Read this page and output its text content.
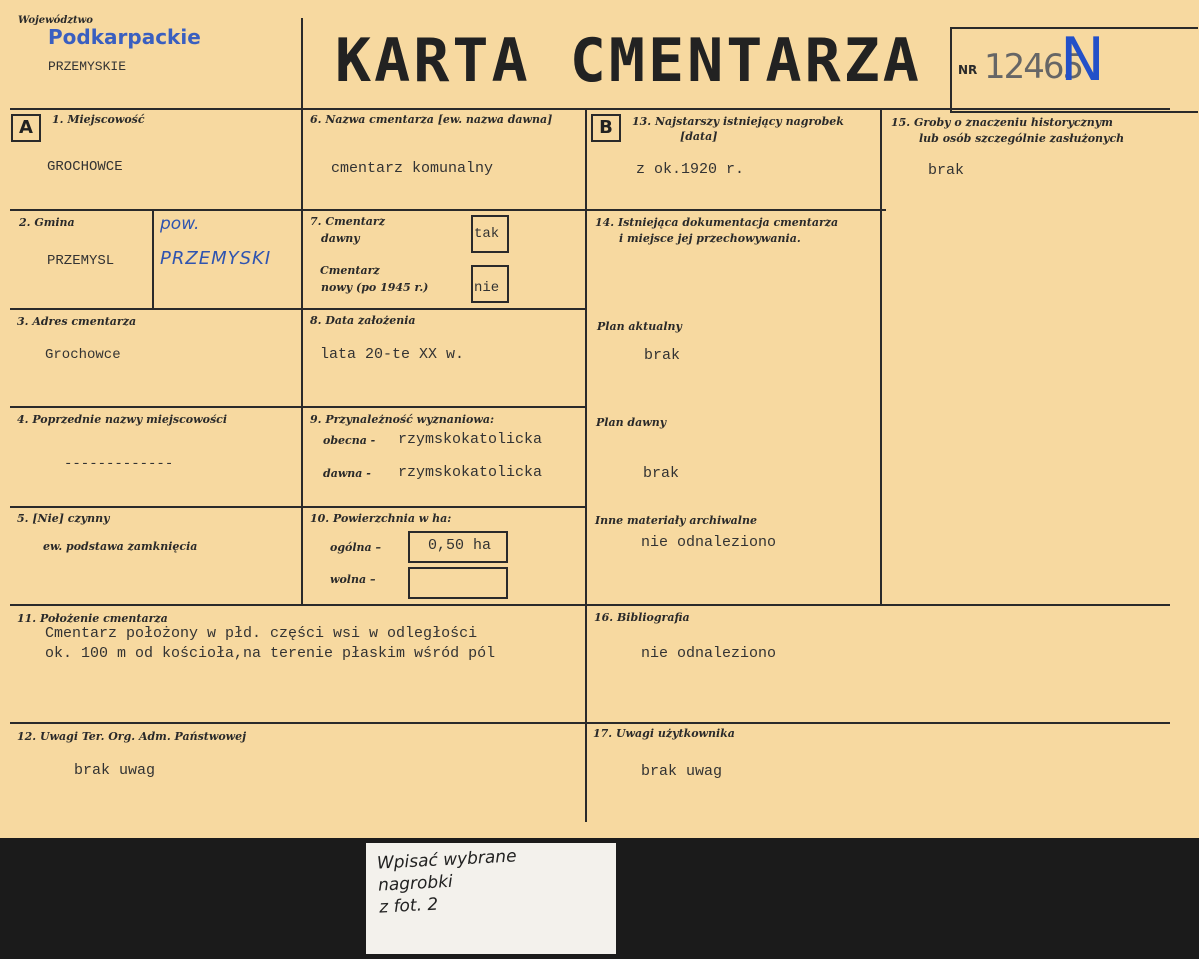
Województwo
Podkarpackie
PRZEMYSKIE	KARTA CMENTARZA	NR 12465
N
A	B
1. Miejscowość
GROCHOWCE
2. Gmina
PRZEMYSL
pow.
PRZEMYSKI
3. Adres cmentarza
Grochowce
4. Poprzednie nazwy miejscowości
-------------
5. [Nie] czynny
ew. podstawa zamknięcia
6. Nazwa cmentarza [ew. nazwa dawna]
cmentarz komunalny
7. Cmentarz
dawny	tak
Cmentarz
nowy (po 1945 r.)	nie
8. Data założenia
lata 20-te XX w.
9. Przynależność wyznaniowa:
obecna - rzymskokatolicka
dawna - rzymskokatolicka
10. Powierzchnia w ha:
ogólna –	0,50 ha
wolna –
11. Położenie cmentarza
Cmentarz położony w płd. części wsi w odległości
ok. 100 m od kościoła,na terenie płaskim wśród pól
12. Uwagi Ter. Org. Adm. Państwowej
brak uwag
13. Najstarszy istniejący nagrobek
[data]
z ok.1920 r.
14. Istniejąca dokumentacja cmentarza
i miejsce jej przechowywania.
Plan aktualny
brak
Plan dawny
brak
Inne materiały archiwalne
nie odnaleziono
16. Bibliografia
nie odnaleziono
17. Uwagi użytkownika
brak uwag
15. Groby o znaczeniu historycznym
lub osób szczególnie zasłużonych
brak
Wpisać wybrane
nagrobki
z fot. 2
